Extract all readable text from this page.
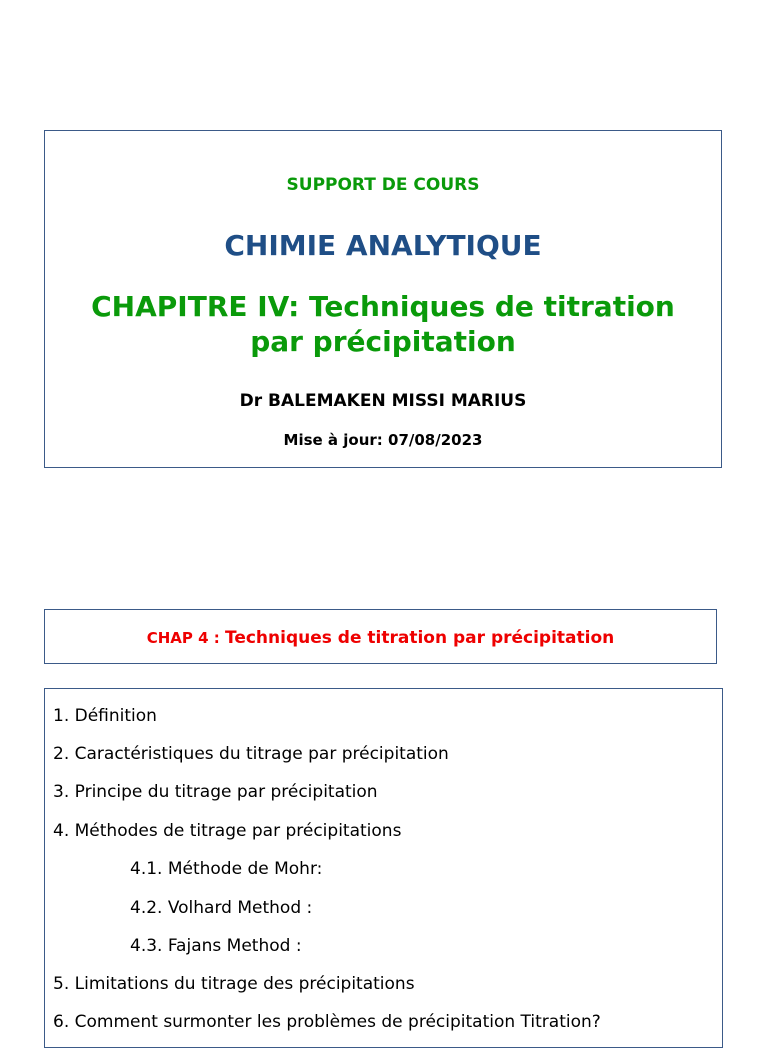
SUPPORT DE COURS
CHIMIE ANALYTIQUE
CHAPITRE IV: Techniques de titration
par précipitation
Dr BALEMAKEN MISSI MARIUS
Mise à jour: 07/08/2023
CHAP 4 : Techniques de titration par précipitation
1. Définition
2. Caractéristiques du titrage par précipitation
3. Principe du titrage par précipitation
4. Méthodes de titrage par précipitations
4.1. Méthode de Mohr:
4.2. Volhard Method :
4.3. Fajans Method :
5. Limitations du titrage des précipitations
6. Comment surmonter les problèmes de précipitation Titration?
